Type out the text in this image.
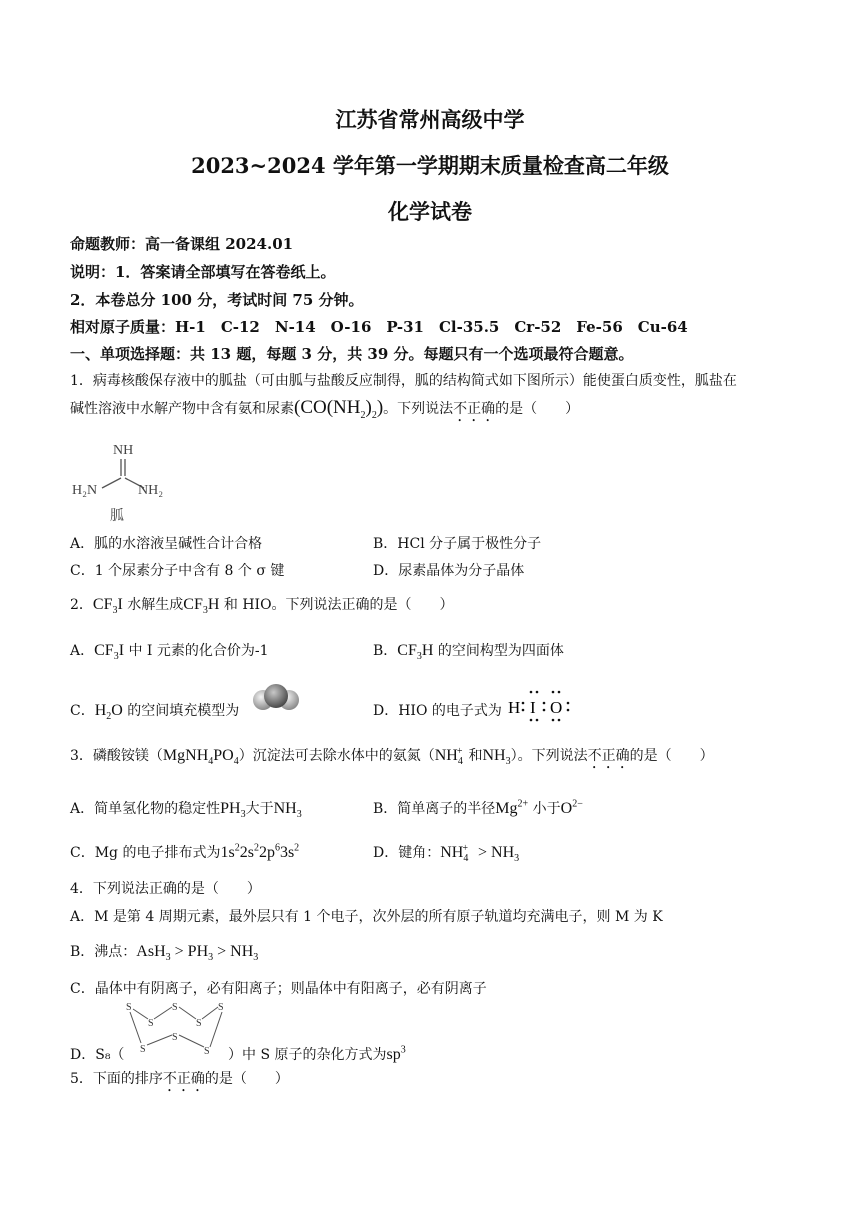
江苏省常州高级中学
2023~2024 学年第一学期期末质量检查高二年级
化学试卷
命题教师：高一备课组 2024.01
说明：1．答案请全部填写在答卷纸上。
2．本卷总分 100 分，考试时间 75 分钟。
相对原子质量：H-1　C-12　N-14　O-16　P-31　Cl-35.5　Cr-52　Fe-56　Cu-64
一、单项选择题：共 13 题，每题 3 分，共 39 分。每题只有一个选项最符合题意。
1．病毒核酸保存液中的胍盐（可由胍与盐酸反应制得，胍的结构简式如下图所示）能使蛋白质变性，胍盐在
碱性溶液中水解产物中含有氨和尿素$(CO(NH_2)_2)$。下列说法不正确的是（　　）
NH
H₂N	NH₂
胍
A．胍的水溶液呈碱性合计合格	B．HCl 分子属于极性分子
C．1 个尿素分子中含有 8 个 σ 键	D．尿素晶体为分子晶体
2．$CF_3I$ 水解生成$CF_3H$ 和 HIO。下列说法正确的是（　　）
A．$CF_3I$ 中 I 元素的化合价为-1	B．$CF_3H$ 的空间构型为四面体
C．$H_2O$ 的空间填充模型为	D．HIO 的电子式为 H I O
3．磷酸铵镁$(MgNH_4PO_4)$沉淀法可去除水体中的氨氮（$NH_4^+$ 和$NH_3$）。下列说法不正确的是（　　）
A．简单氢化物的稳定性$PH_3$大于$NH_3$	B．简单离子的半径$Mg^{2+}$ 小于$O^{2-}$
C．Mg 的电子排布式为$1s^22s^22p^63s^2$	D．键角：$NH_4^+ > NH_3$
4．下列说法正确的是（　　）
A．M 是第 4 周期元素，最外层只有 1 个电子，次外层的所有原子轨道均充满电子，则 M 为 K
B．沸点：$AsH_3 > PH_3 > NH_3$
C．晶体中有阴离子，必有阳离子；则晶体中有阳离子，必有阴离子
D．S₈（
S
S
S
S
S
S
S
S ）中 S 原子的杂化方式为$sp^3$
5．下面的排序不正确的是（　　）
